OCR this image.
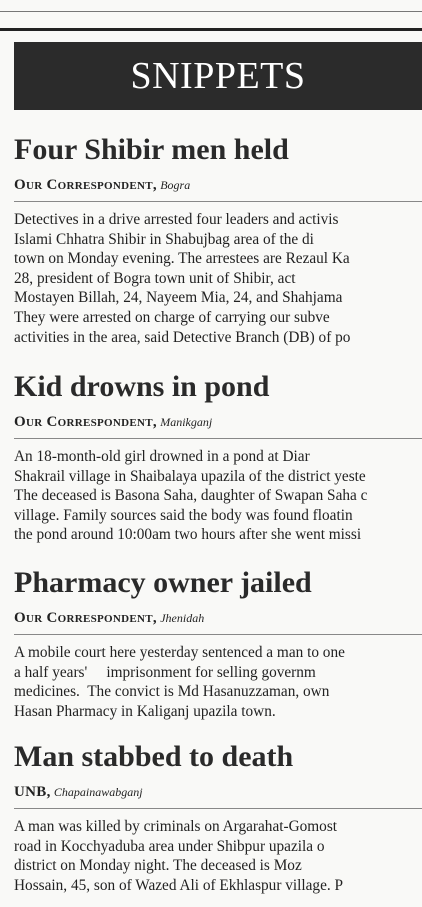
SNIPPETS
Four Shibir men held
Our Correspondent, Bogra
Detectives in a drive arrested four leaders and activis
Islami Chhatra Shibir in Shabujbag area of the di
town on Monday evening. The arrestees are Rezaul Ka
28, president of Bogra town unit of Shibir, act
Mostayen Billah, 24, Nayeem Mia, 24, and Shahjama
They were arrested on charge of carrying our subve
activities in the area, said Detective Branch (DB) of po
Kid drowns in pond
Our Correspondent, Manikganj
An 18-month-old girl drowned in a pond at Diar
Shakrail village in Shaibalaya upazila of the district yeste
The deceased is Basona Saha, daughter of Swapan Saha c
village. Family sources said the body was found floatin
the pond around 10:00am two hours after she went missi
Pharmacy owner jailed
Our Correspondent, Jhenidah
A mobile court here yesterday sentenced a man to one
a half years'     imprisonment for selling governm
medicines.  The convict is Md Hasanuzzaman, own
Hasan Pharmacy in Kaliganj upazila town.
Man stabbed to death
UNB, Chapainawabganj
A man was killed by criminals on Argarahat-Gomost
road in Kocchyaduba area under Shibpur upazila o
district on Monday night. The deceased is Moz
Hossain, 45, son of Wazed Ali of Ekhlaspur village. P
